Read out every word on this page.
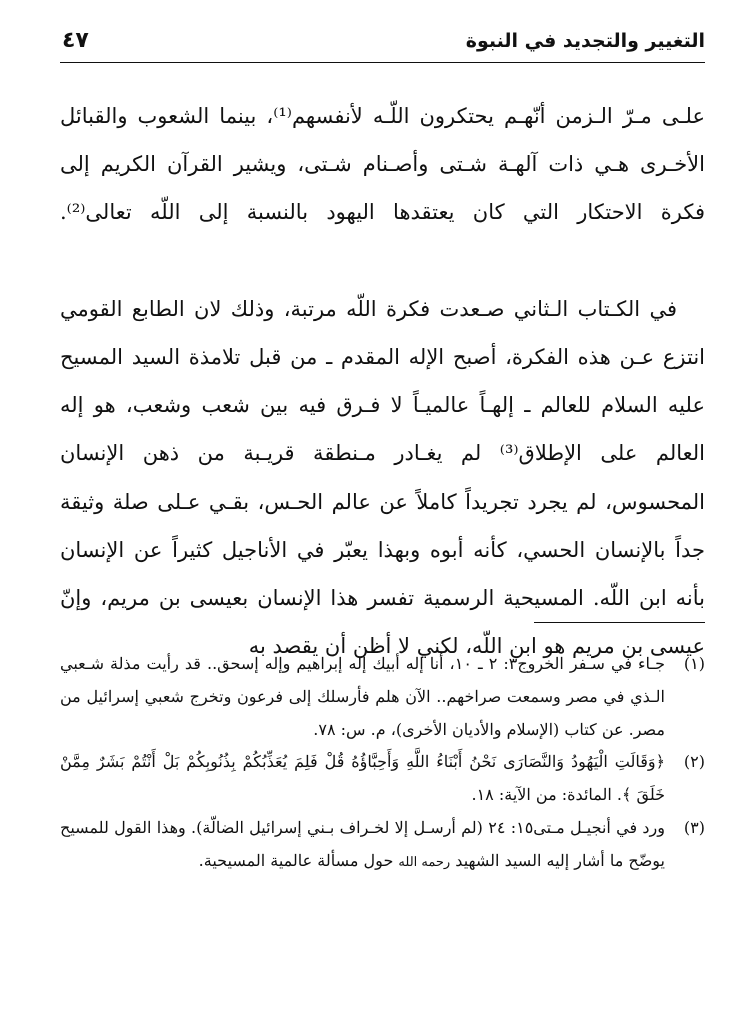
التغيير والتجديد في النبوة
٤٧

علـى مـرّ الـزمن أنّهـم يحتكرون اللّـه لأنفسهم⁽¹⁾، بينما الشعوب والقبائل الأخـرى هـي ذات آلهـة شـتى وأصـنام شـتى، ويشير القرآن الكريم إلى فكرة الاحتكار التي كان يعتقدها اليهود بالنسبة إلى اللّه تعالى⁽²⁾.

في الكـتاب الـثاني صـعدت فكرة اللّه مرتبة، وذلك لان الطابع القومي انتزع عـن هذه الفكرة، أصبح الإله المقدم ـ من قبل تلامذة السيد المسيح عليه السلام للعالم ـ إلهـاً عالميـاً لا فـرق فيه بين شعب وشعب، هو إله العالم على الإطلاق⁽³⁾ لم يغـادر مـنطقة قريـبة من ذهن الإنسان المحسوس، لم يجرد تجريداً كاملاً عن عالم الحـس، بقـي عـلى صلة وثيقة جداً بالإنسان الحسي، كأنه أبوه وبهذا يعبّر في الأناجيل كثيراً عن الإنسان بأنه ابن اللّه. المسيحية الرسمية تفسر هذا الإنسان بعيسى بن مريم، وإنّ عيسى بن مريم هو ابن اللّه، لكني لا أظن أن يقصد به

(١)
جـاء في سـفر الخروج٣: ٢ ـ ١٠، أنا إله أبيك إله إبراهيم وإله إسحق.. قد رأيت مذلة شـعبي الـذي في مصر وسمعت صراخهم.. الآن هلم فأرسلك إلى فرعون وتخرج شعبي إسرائيل من مصر. عن كتاب (الإسلام والأديان الأخرى)، م. س: ٧٨.
(٢)
﴿وَقَالَتِ الْيَهُودُ وَالنَّصَارَى نَحْنُ أَبْنَاءُ اللَّهِ وَأَحِبَّاؤُهُ قُلْ فَلِمَ يُعَذِّبُكُمْ بِذُنُوبِكُمْ بَلْ أَنْتُمْ بَشَرٌ مِمَّنْ خَلَقَ ﴾. المائدة: من الآية: ١٨.
(٣)
ورد في أنجيـل مـتى١٥: ٢٤ (لم أرسـل إلا لخـراف بـني إسرائيل الضالّة). وهذا القول للمسيح يوضّح ما أشار إليه السيد الشهيد رحمه الله حول مسألة عالمية المسيحية.
